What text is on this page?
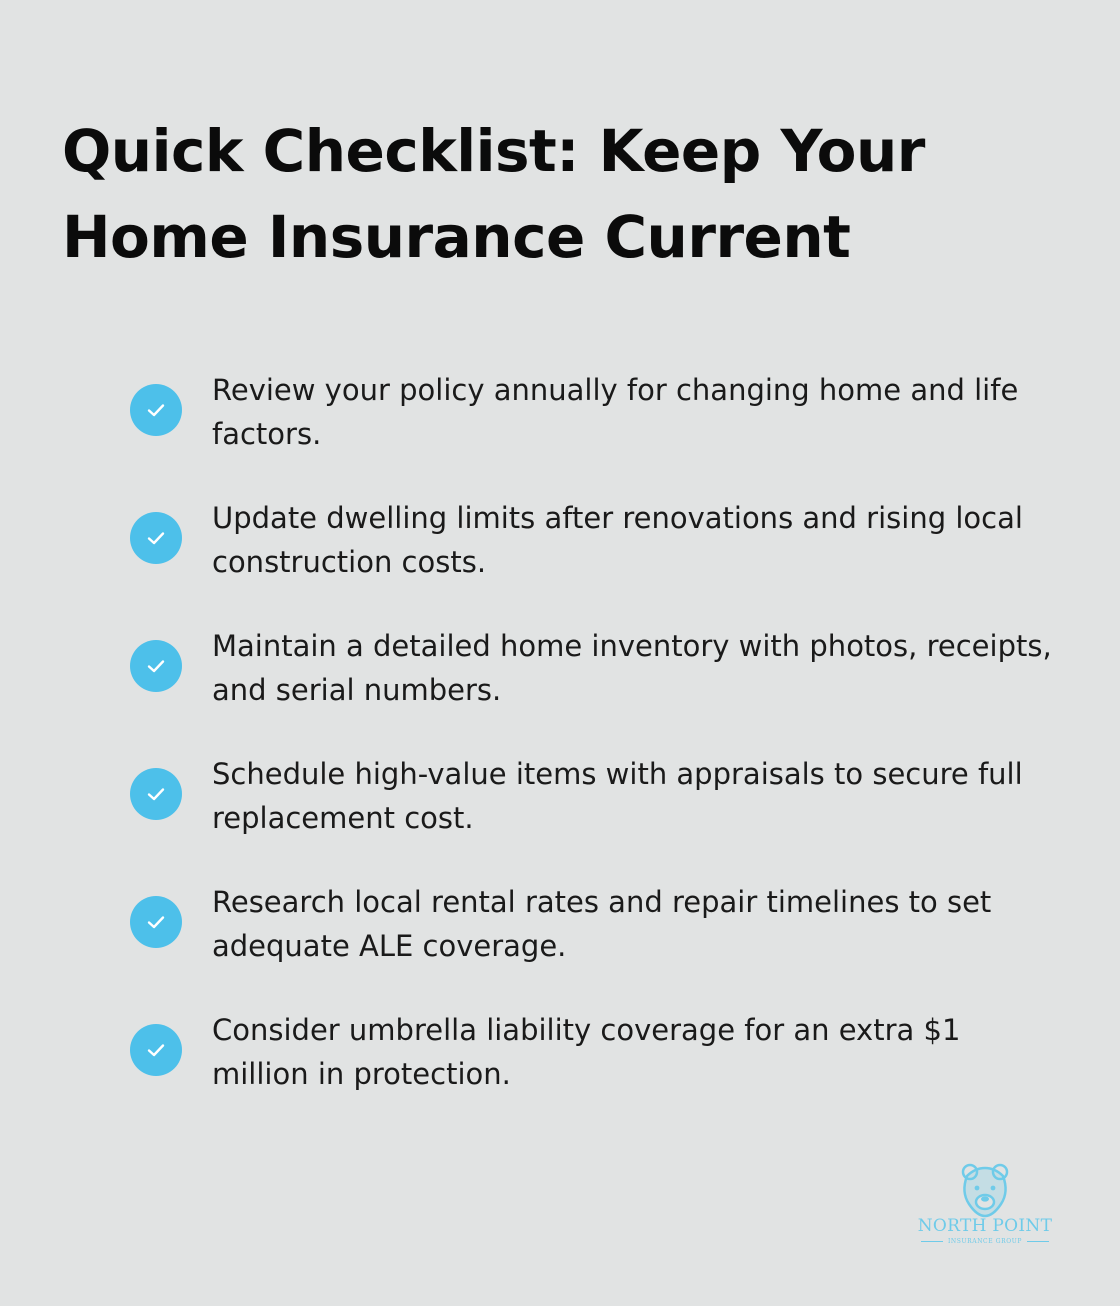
Quick Checklist: Keep Your Home Insurance Current
Review your policy annually for changing home and life factors.
Update dwelling limits after renovations and rising local construction costs.
Maintain a detailed home inventory with photos, receipts, and serial numbers.
Schedule high-value items with appraisals to secure full replacement cost.
Research local rental rates and repair timelines to set adequate ALE coverage.
Consider umbrella liability coverage for an extra $1 million in protection.
NORTH POINT
INSURANCE GROUP
